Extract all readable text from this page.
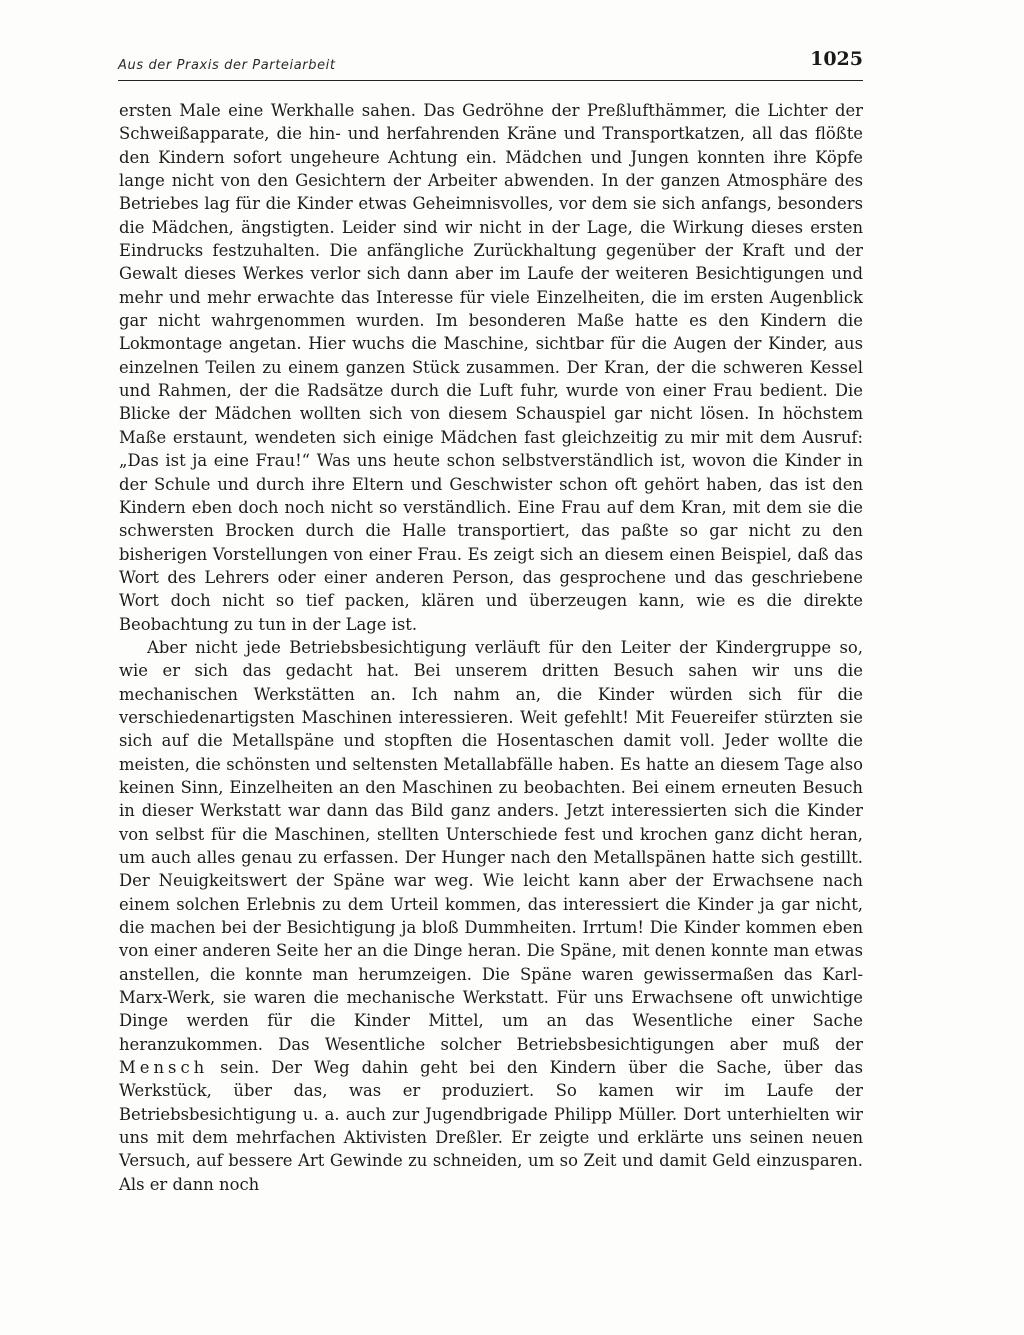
Aus der Praxis der Parteiarbeit	1025

ersten Male eine Werkhalle sahen. Das Gedröhne der Preßlufthämmer, die Lichter der Schweißapparate, die hin- und herfahrenden Kräne und Transportkatzen, all das flößte den Kindern sofort ungeheure Achtung ein. Mädchen und Jungen konnten ihre Köpfe lange nicht von den Gesichtern der Arbeiter abwenden. In der ganzen Atmosphäre des Betriebes lag für die Kinder etwas Geheimnisvolles, vor dem sie sich anfangs, besonders die Mädchen, ängstigten. Leider sind wir nicht in der Lage, die Wirkung dieses ersten Eindrucks festzuhalten. Die anfängliche Zurückhaltung gegenüber der Kraft und der Gewalt dieses Werkes verlor sich dann aber im Laufe der weiteren Besichtigungen und mehr und mehr erwachte das Interesse für viele Einzelheiten, die im ersten Augenblick gar nicht wahrgenommen wurden. Im besonderen Maße hatte es den Kindern die Lokmontage angetan. Hier wuchs die Maschine, sichtbar für die Augen der Kinder, aus einzelnen Teilen zu einem ganzen Stück zusammen. Der Kran, der die schweren Kessel und Rahmen, der die Radsätze durch die Luft fuhr, wurde von einer Frau bedient. Die Blicke der Mädchen wollten sich von diesem Schauspiel gar nicht lösen. In höchstem Maße erstaunt, wendeten sich einige Mädchen fast gleichzeitig zu mir mit dem Ausruf: „Das ist ja eine Frau!“ Was uns heute schon selbstverständlich ist, wovon die Kinder in der Schule und durch ihre Eltern und Geschwister schon oft gehört haben, das ist den Kindern eben doch noch nicht so verständlich. Eine Frau auf dem Kran, mit dem sie die schwersten Brocken durch die Halle transportiert, das paßte so gar nicht zu den bisherigen Vorstellungen von einer Frau. Es zeigt sich an diesem einen Beispiel, daß das Wort des Lehrers oder einer anderen Person, das gesprochene und das geschriebene Wort doch nicht so tief packen, klären und überzeugen kann, wie es die direkte Beobachtung zu tun in der Lage ist.

Aber nicht jede Betriebsbesichtigung verläuft für den Leiter der Kindergruppe so, wie er sich das gedacht hat. Bei unserem dritten Besuch sahen wir uns die mechanischen Werkstätten an. Ich nahm an, die Kinder würden sich für die verschiedenartigsten Maschinen interessieren. Weit gefehlt! Mit Feuereifer stürzten sie sich auf die Metallspäne und stopften die Hosentaschen damit voll. Jeder wollte die meisten, die schönsten und seltensten Metallabfälle haben. Es hatte an diesem Tage also keinen Sinn, Einzelheiten an den Maschinen zu beobachten. Bei einem erneuten Besuch in dieser Werkstatt war dann das Bild ganz anders. Jetzt interessierten sich die Kinder von selbst für die Maschinen, stellten Unterschiede fest und krochen ganz dicht heran, um auch alles genau zu erfassen. Der Hunger nach den Metallspänen hatte sich gestillt. Der Neuigkeitswert der Späne war weg. Wie leicht kann aber der Erwachsene nach einem solchen Erlebnis zu dem Urteil kommen, das interessiert die Kinder ja gar nicht, die machen bei der Besichtigung ja bloß Dummheiten. Irrtum! Die Kinder kommen eben von einer anderen Seite her an die Dinge heran. Die Späne, mit denen konnte man etwas anstellen, die konnte man herumzeigen. Die Späne waren gewissermaßen das Karl-Marx-Werk, sie waren die mechanische Werkstatt. Für uns Erwachsene oft unwichtige Dinge werden für die Kinder Mittel, um an das Wesentliche einer Sache heranzukommen. Das Wesentliche solcher Betriebsbesichtigungen aber muß der Mensch sein. Der Weg dahin geht bei den Kindern über die Sache, über das Werkstück, über das, was er produziert. So kamen wir im Laufe der Betriebsbesichtigung u. a. auch zur Jugendbrigade Philipp Müller. Dort unterhielten wir uns mit dem mehrfachen Aktivisten Dreßler. Er zeigte und erklärte uns seinen neuen Versuch, auf bessere Art Gewinde zu schneiden, um so Zeit und damit Geld einzusparen. Als er dann noch
